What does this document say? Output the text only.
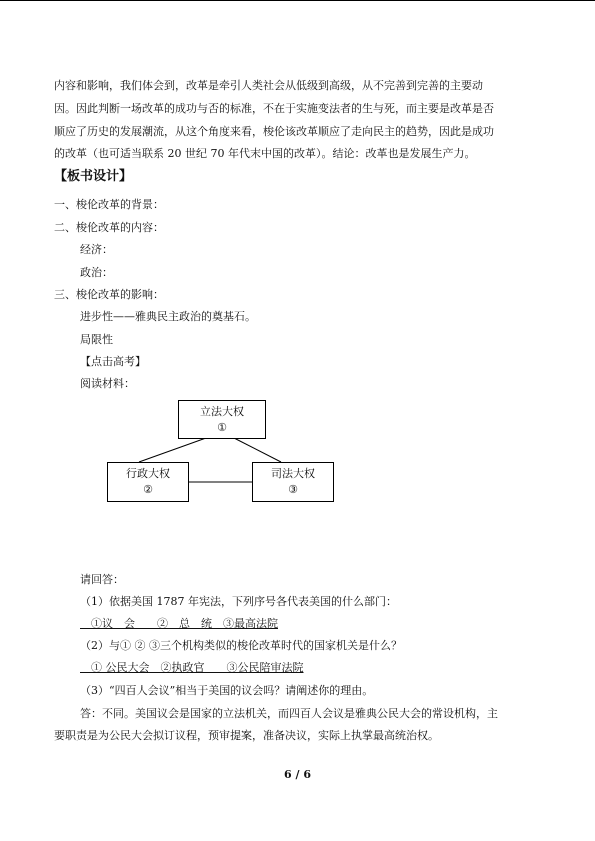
内容和影响，我们体会到，改革是牵引人类社会从低级到高级，从不完善到完善的主要动
因。因此判断一场改革的成功与否的标准，不在于实施变法者的生与死，而主要是改革是否
顺应了历史的发展潮流，从这个角度来看，梭伦该改革顺应了走向民主的趋势，因此是成功
的改革（也可适当联系 20 世纪 70 年代末中国的改革）。结论：改革也是发展生产力。
【板书设计】
一、梭伦改革的背景：
二、梭伦改革的内容：
经济：
政治：
三、梭伦改革的影响：
进步性——雅典民主政治的奠基石。
局限性
【点击高考】
阅读材料：
立法大权
①
行政大权
②
司法大权
③
请回答：
（1）依据美国 1787 年宪法，下列序号各代表美国的什么部门：
　①议　会　　②　总　统　③最高法院
（2）与① ② ③三个机构类似的梭伦改革时代的国家机关是什么？
　① 公民大会　②执政官　　③公民陪审法院
（3）“四百人会议”相当于美国的议会吗？请阐述你的理由。
答：不同。美国议会是国家的立法机关，而四百人会议是雅典公民大会的常设机构，主
要职责是为公民大会拟订议程，预审提案，准备决议，实际上执掌最高统治权。
6 / 6
